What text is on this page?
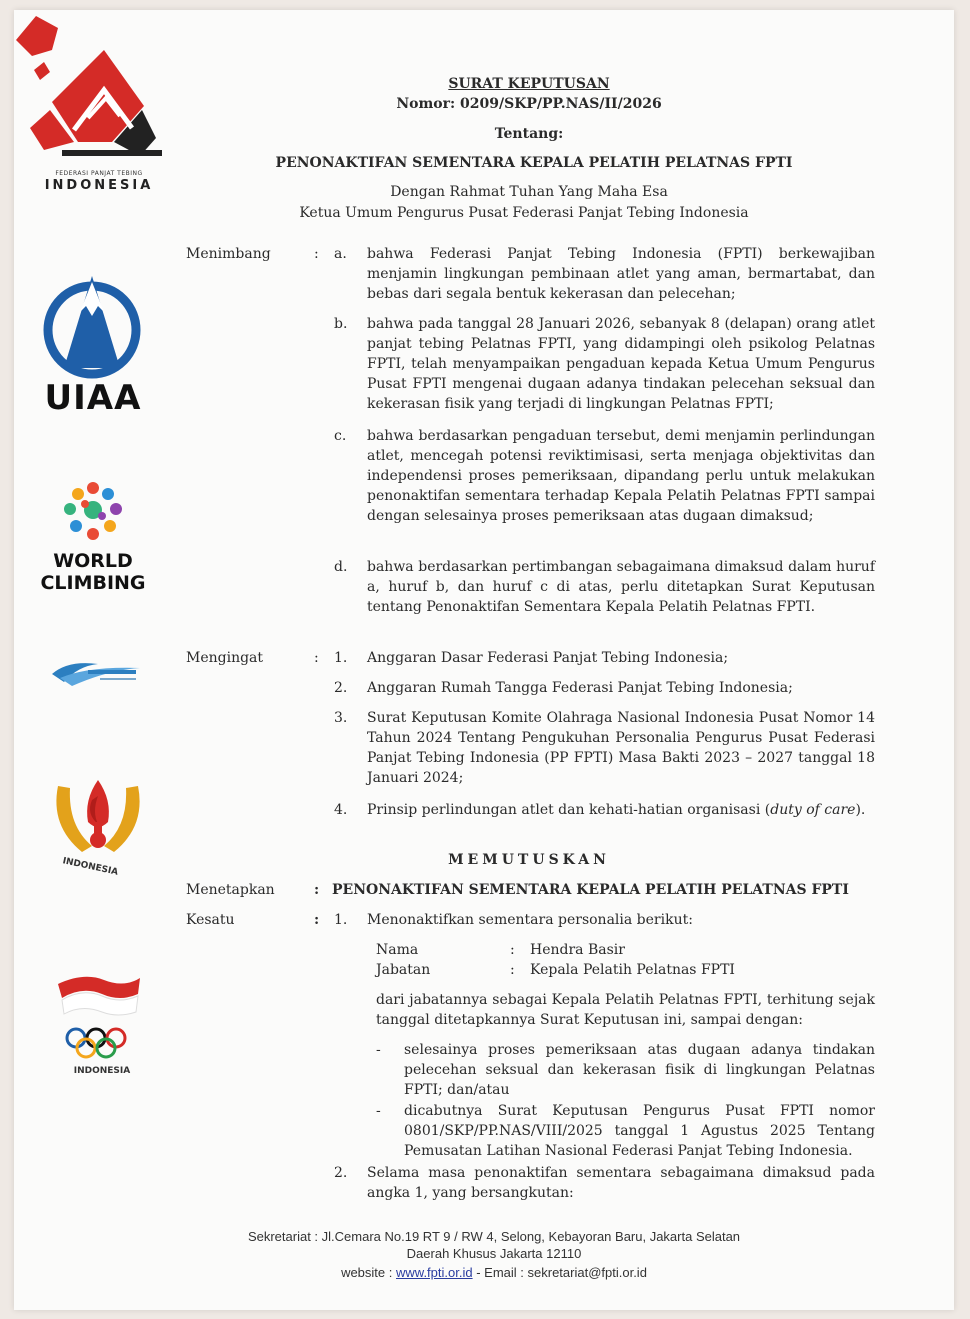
FEDERASI PANJAT TEBING
INDONESIA
UIAA
WORLD
CLIMBING
INDONESIA
INDONESIA
SURAT KEPUTUSAN
Nomor: 0209/SKP/PP.NAS/II/2026
Tentang:
PENONAKTIFAN SEMENTARA KEPALA PELATIH PELATNAS FPTI
Dengan Rahmat Tuhan Yang Maha Esa
Ketua Umum Pengurus Pusat Federasi Panjat Tebing Indonesia
Menimbang	: a. bahwa Federasi Panjat Tebing Indonesia (FPTI) berkewajiban menjamin lingkungan pembinaan atlet yang aman, bermartabat, dan bebas dari segala bentuk kekerasan dan pelecehan;
b. bahwa pada tanggal 28 Januari 2026, sebanyak 8 (delapan) orang atlet panjat tebing Pelatnas FPTI, yang didampingi oleh psikolog Pelatnas FPTI, telah menyampaikan pengaduan kepada Ketua Umum Pengurus Pusat FPTI mengenai dugaan adanya tindakan pelecehan seksual dan kekerasan fisik yang terjadi di lingkungan Pelatnas FPTI;
c. bahwa berdasarkan pengaduan tersebut, demi menjamin perlindungan atlet, mencegah potensi reviktimisasi, serta menjaga objektivitas dan independensi proses pemeriksaan, dipandang perlu untuk melakukan penonaktifan sementara terhadap Kepala Pelatih Pelatnas FPTI sampai dengan selesainya proses pemeriksaan atas dugaan dimaksud;
d. bahwa berdasarkan pertimbangan sebagaimana dimaksud dalam huruf a, huruf b, dan huruf c di atas, perlu ditetapkan Surat Keputusan tentang Penonaktifan Sementara Kepala Pelatih Pelatnas FPTI.
Mengingat	: 1. Anggaran Dasar Federasi Panjat Tebing Indonesia;
2. Anggaran Rumah Tangga Federasi Panjat Tebing Indonesia;
3. Surat Keputusan Komite Olahraga Nasional Indonesia Pusat Nomor 14 Tahun 2024 Tentang Pengukuhan Personalia Pengurus Pusat Federasi Panjat Tebing Indonesia (PP FPTI) Masa Bakti 2023 – 2027 tanggal 18 Januari 2024;
4. Prinsip perlindungan atlet dan kehati-hatian organisasi (duty of care).
MEMUTUSKAN
Menetapkan	: PENONAKTIFAN SEMENTARA KEPALA PELATIH PELATNAS FPTI
Kesatu	: 1. Menonaktifkan sementara personalia berikut:
Nama	: Hendra Basir
Jabatan	: Kepala Pelatih Pelatnas FPTI
dari jabatannya sebagai Kepala Pelatih Pelatnas FPTI, terhitung sejak tanggal ditetapkannya Surat Keputusan ini, sampai dengan:
- selesainya proses pemeriksaan atas dugaan adanya tindakan pelecehan seksual dan kekerasan fisik di lingkungan Pelatnas FPTI; dan/atau
- dicabutnya Surat Keputusan Pengurus Pusat FPTI nomor 0801/SKP/PP.NAS/VIII/2025 tanggal 1 Agustus 2025 Tentang Pemusatan Latihan Nasional Federasi Panjat Tebing Indonesia.
2. Selama masa penonaktifan sementara sebagaimana dimaksud pada angka 1, yang bersangkutan:
Sekretariat : Jl.Cemara No.19 RT 9 / RW 4, Selong, Kebayoran Baru, Jakarta Selatan
Daerah Khusus Jakarta 12110
website : www.fpti.or.id - Email : sekretariat@fpti.or.id
